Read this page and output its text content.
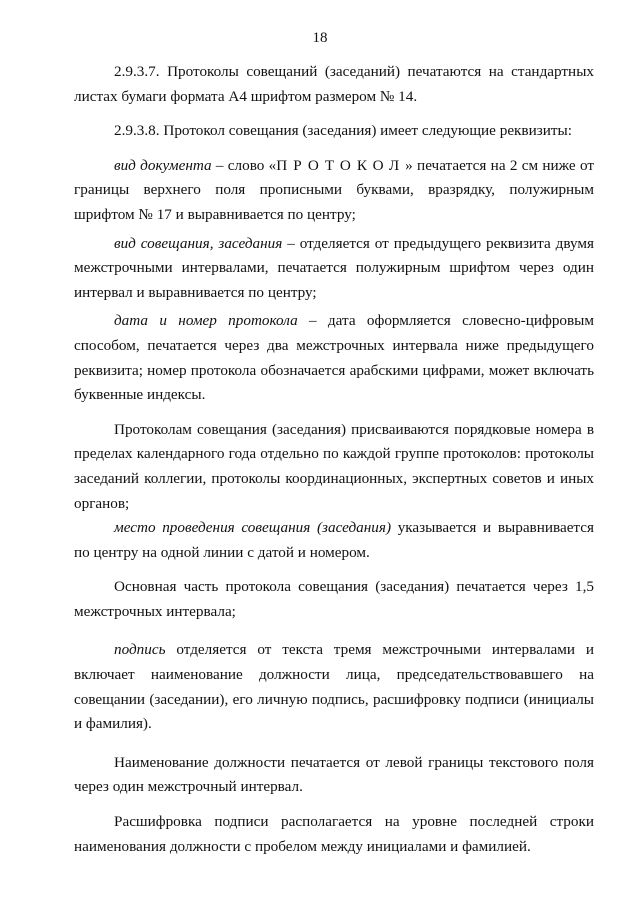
18

2.9.3.7. Протоколы совещаний (заседаний) печатаются на стандартных листах бумаги формата А4 шрифтом размером № 14.

2.9.3.8. Протокол совещания (заседания) имеет следующие реквизиты:

вид документа – слово «ПРОТОКОЛ» печатается на 2 см ниже от границы верхнего поля прописными буквами, вразрядку, полужирным шрифтом № 17 и выравнивается по центру;

вид совещания, заседания – отделяется от предыдущего реквизита двумя межстрочными интервалами, печатается полужирным шрифтом через один интервал и выравнивается по центру;

дата и номер протокола – дата оформляется словесно-цифровым способом, печатается через два межстрочных интервала ниже предыдущего реквизита; номер протокола обозначается арабскими цифрами, может включать буквенные индексы.

Протоколам совещания (заседания) присваиваются порядковые номера в пределах календарного года отдельно по каждой группе протоколов: протоколы заседаний коллегии, протоколы координационных, экспертных советов и иных органов;

место проведения совещания (заседания) указывается и выравнивается по центру на одной линии с датой и номером.

Основная часть протокола совещания (заседания) печатается через 1,5 межстрочных интервала;

подпись отделяется от текста тремя межстрочными интервалами и включает наименование должности лица, председательствовавшего на совещании (заседании), его личную подпись, расшифровку подписи (инициалы и фамилия).

Наименование должности печатается от левой границы текстового поля через один межстрочный интервал.

Расшифровка подписи располагается на уровне последней строки наименования должности с пробелом между инициалами и фамилией.
